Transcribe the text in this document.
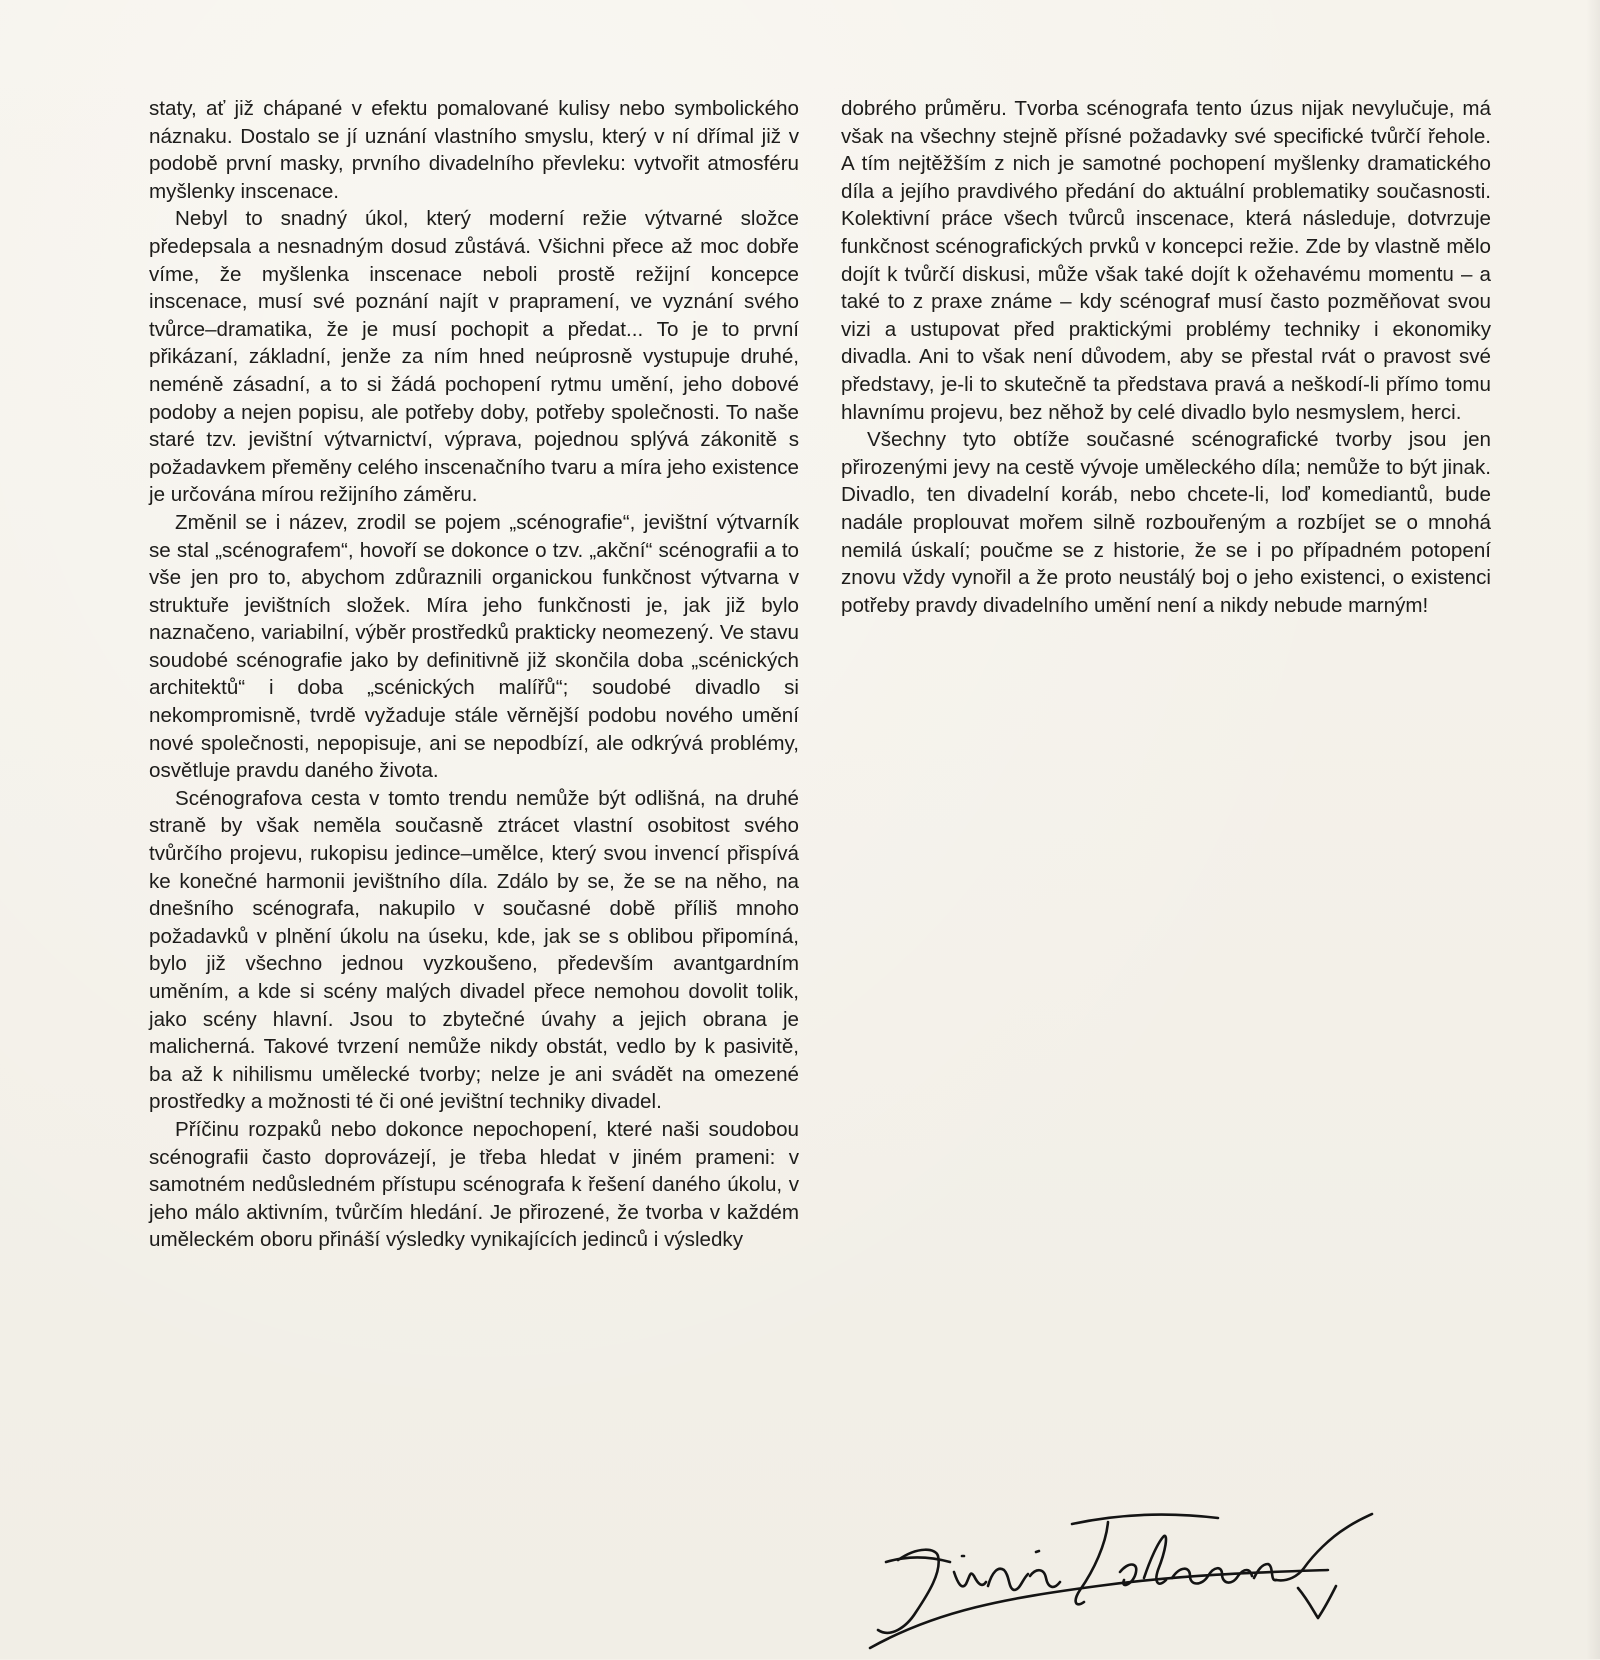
staty, ať již chápané v efektu pomalované kulisy nebo symbolického náznaku. Dostalo se jí uznání vlastního smyslu, který v ní dřímal již v podobě první masky, prvního divadelního převleku: vytvořit atmosféru myšlenky inscenace.

Nebyl to snadný úkol, který moderní režie výtvarné složce předepsala a nesnadným dosud zůstává. Všichni přece až moc dobře víme, že myšlenka inscenace neboli prostě režijní koncepce inscenace, musí své poznání najít v prapramení, ve vyznání svého tvůrce–dramatika, že je musí pochopit a předat... To je to první přikázaní, základní, jenže za ním hned neúprosně vystupuje druhé, neméně zásadní, a to si žádá pochopení rytmu umění, jeho dobové podoby a nejen popisu, ale potřeby doby, potřeby společnosti. To naše staré tzv. jevištní výtvarnictví, výprava, pojednou splývá zákonitě s požadavkem přeměny celého inscenačního tvaru a míra jeho existence je určována mírou režijního záměru.

Změnil se i název, zrodil se pojem „scénografie“, jevištní výtvarník se stal „scénografem“, hovoří se dokonce o tzv. „akční“ scénografii a to vše jen pro to, abychom zdůraznili organickou funkčnost výtvarna v struktuře jevištních složek. Míra jeho funkčnosti je, jak již bylo naznačeno, variabilní, výběr prostředků prakticky neomezený. Ve stavu soudobé scénografie jako by definitivně již skončila doba „scénických architektů“ i doba „scénických malířů“; soudobé divadlo si nekompromisně, tvrdě vyžaduje stále věrnější podobu nového umění nové společnosti, nepopisuje, ani se nepodbízí, ale odkrývá problémy, osvětluje pravdu daného života.

Scénografova cesta v tomto trendu nemůže být odlišná, na druhé straně by však neměla současně ztrácet vlastní osobitost svého tvůrčího projevu, rukopisu jedince–umělce, který svou invencí přispívá ke konečné harmonii jevištního díla. Zdálo by se, že se na něho, na dnešního scénografa, nakupilo v současné době příliš mnoho požadavků v plnění úkolu na úseku, kde, jak se s oblibou připomíná, bylo již všechno jednou vyzkoušeno, především avantgardním uměním, a kde si scény malých divadel přece nemohou dovolit tolik, jako scény hlavní. Jsou to zbytečné úvahy a jejich obrana je malicherná. Takové tvrzení nemůže nikdy obstát, vedlo by k pasivitě, ba až k nihilismu umělecké tvorby; nelze je ani svádět na omezené prostředky a možnosti té či oné jevištní techniky divadel.

Příčinu rozpaků nebo dokonce nepochopení, které naši soudobou scénografii často doprovázejí, je třeba hledat v jiném prameni: v samotném nedůsledném přístupu scénografa k řešení daného úkolu, v jeho málo aktivním, tvůrčím hledání. Je přirozené, že tvorba v každém uměleckém oboru přináší výsledky vynikajících jedinců i výsledky

dobrého průměru. Tvorba scénografa tento úzus nijak nevylučuje, má však na všechny stejně přísné požadavky své specifické tvůrčí řehole. A tím nejtěžším z nich je samotné pochopení myšlenky dramatického díla a jejího pravdivého předání do aktuální problematiky současnosti. Kolektivní práce všech tvůrců inscenace, která následuje, dotvrzuje funkčnost scénografických prvků v koncepci režie. Zde by vlastně mělo dojít k tvůrčí diskusi, může však také dojít k ožehavému momentu – a také to z praxe známe – kdy scénograf musí často pozměňovat svou vizi a ustupovat před praktickými problémy techniky i ekonomiky divadla. Ani to však není důvodem, aby se přestal rvát o pravost své představy, je-li to skutečně ta představa pravá a neškodí-li přímo tomu hlavnímu projevu, bez něhož by celé divadlo bylo nesmyslem, herci.

Všechny tyto obtíže současné scénografické tvorby jsou jen přirozenými jevy na cestě vývoje uměleckého díla; nemůže to být jinak. Divadlo, ten divadelní koráb, nebo chcete-li, loď komediantů, bude nadále proplouvat mořem silně rozbouřeným a rozbíjet se o mnohá nemilá úskalí; poučme se z historie, že se i po případném potopení znovu vždy vynořil a že proto neustálý boj o jeho existenci, o existenci potřeby pravdy divadelního umění není a nikdy nebude marným!
